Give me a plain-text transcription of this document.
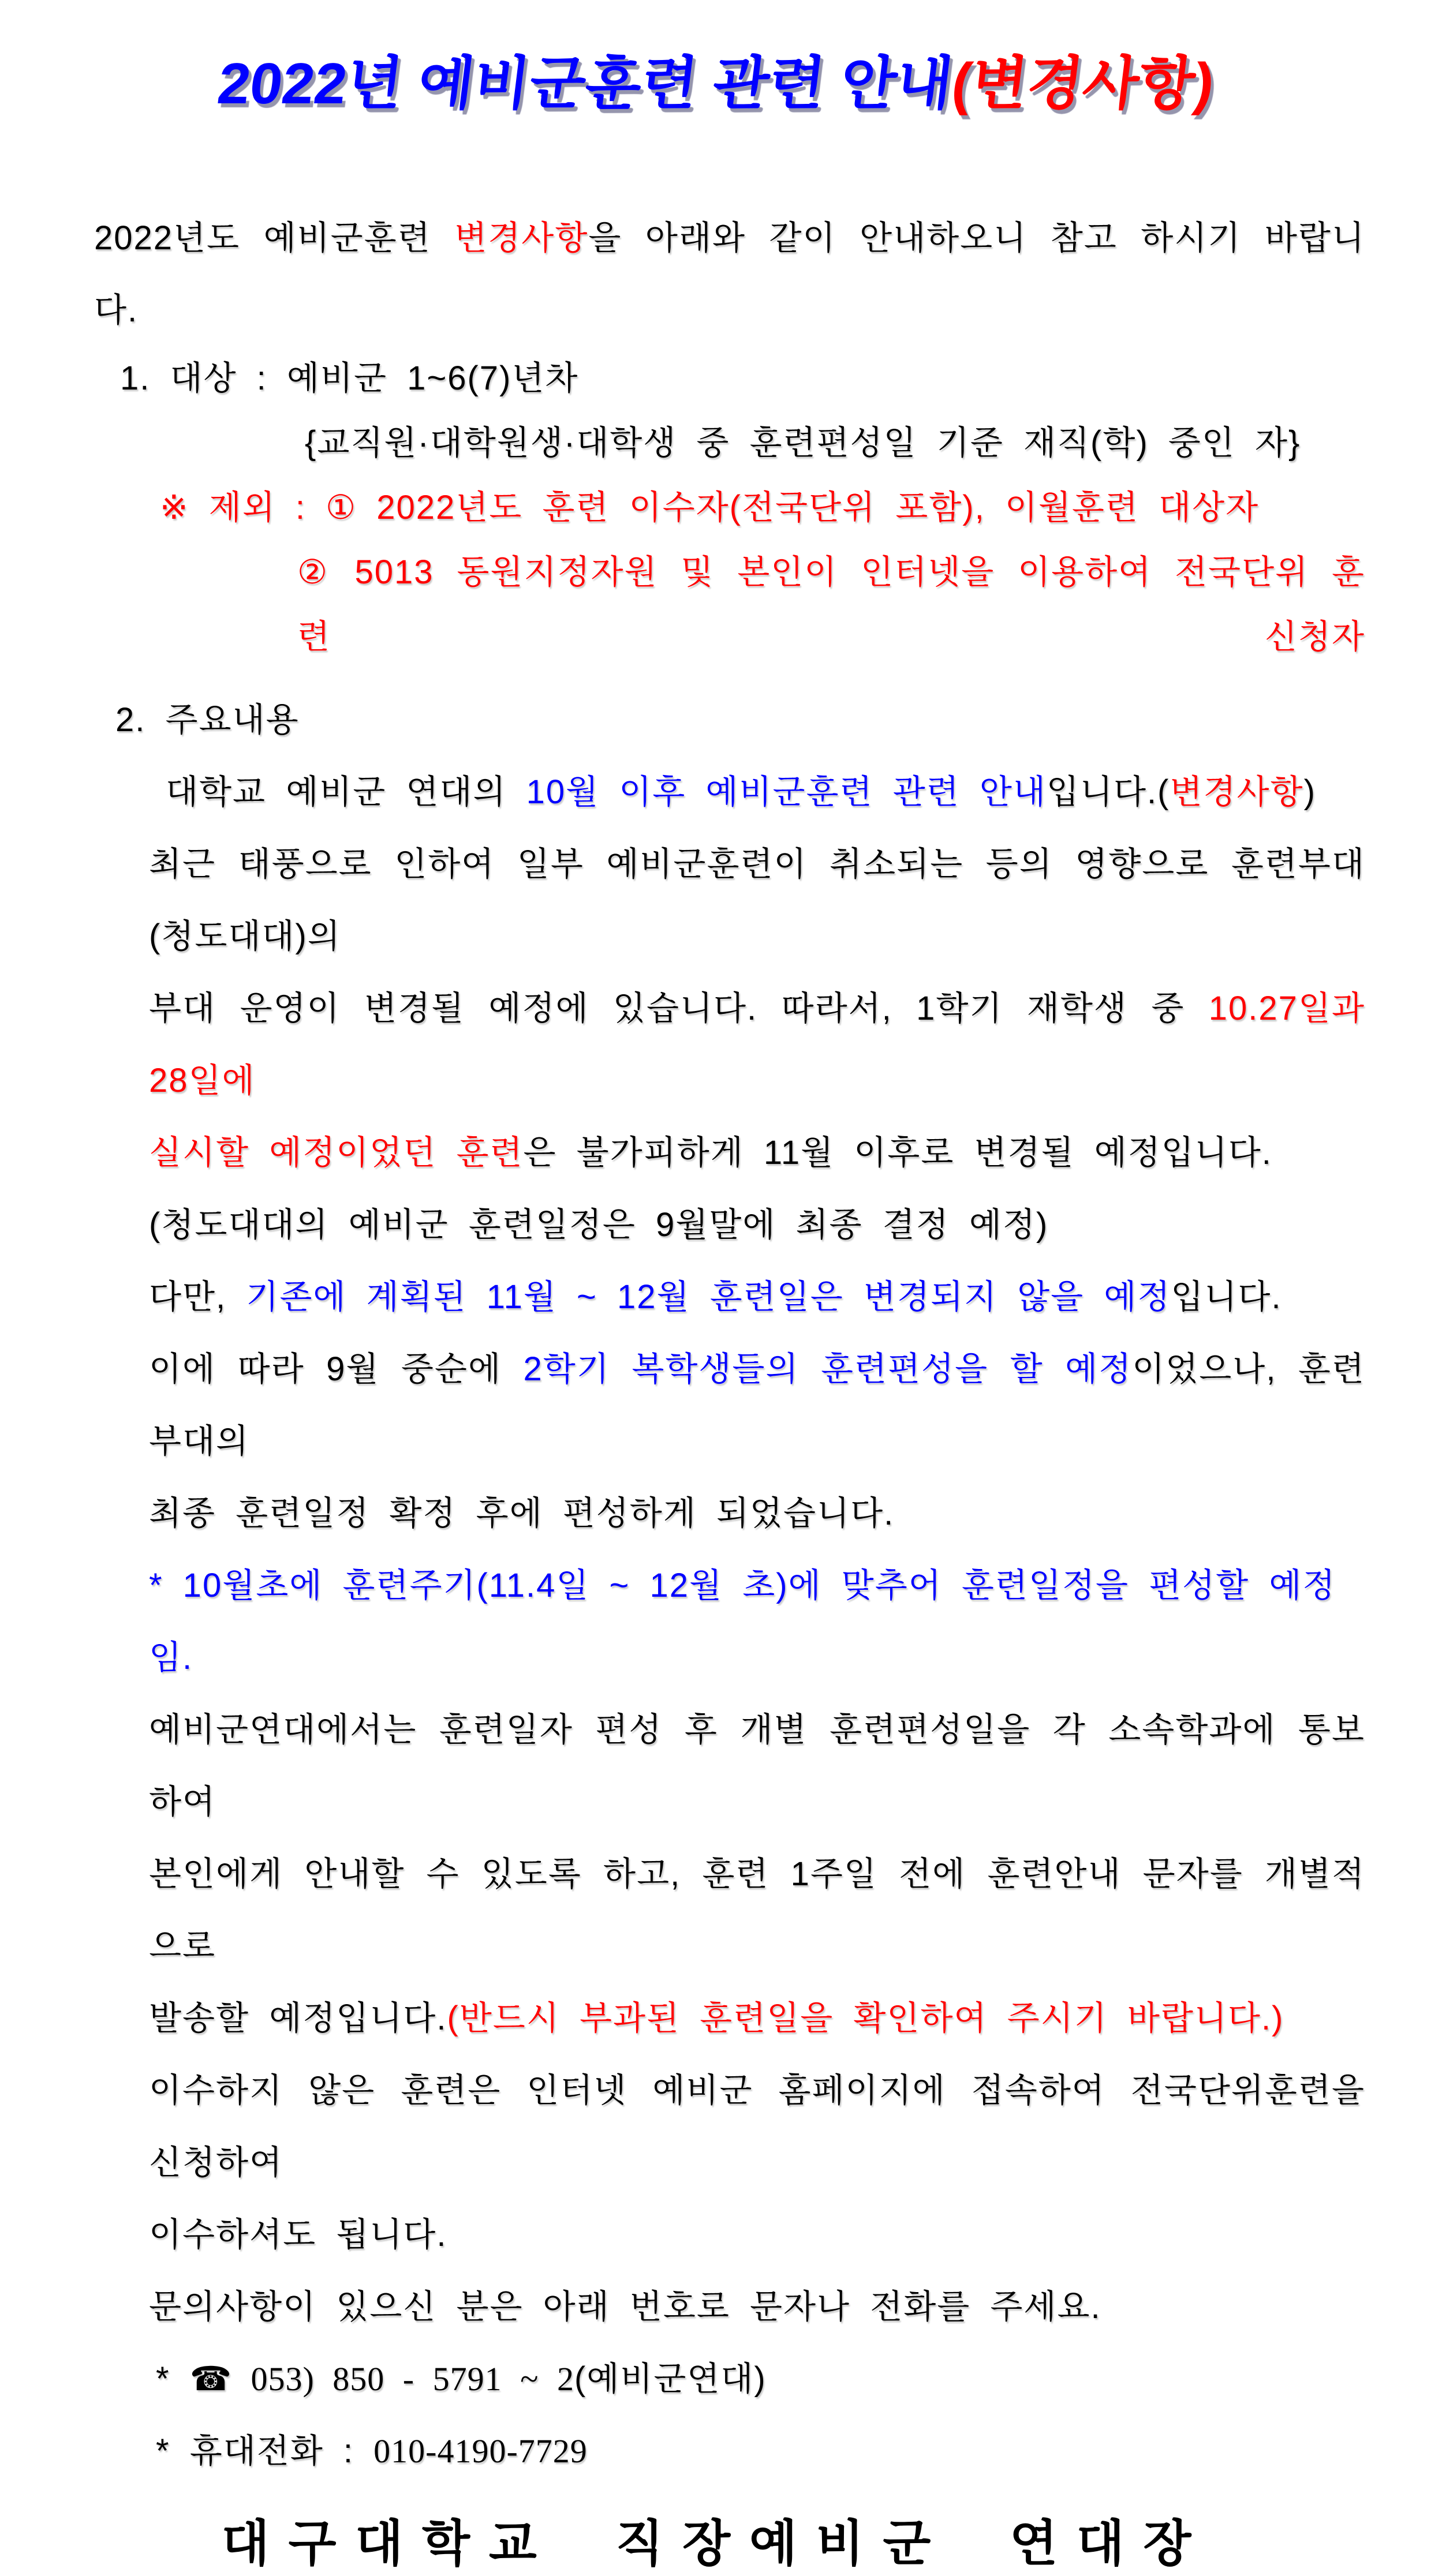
2022년 예비군훈련 관련 안내(변경사항)
2022년도 예비군훈련 변경사항을 아래와 같이 안내하오니 참고 하시기 바랍니다.
1. 대상 : 예비군 1~6(7)년차
{교직원·대학원생·대학생 중 훈련편성일 기준 재직(학) 중인 자}
※ 제외 : ① 2022년도 훈련 이수자(전국단위 포함), 이월훈련 대상자
② 5013 동원지정자원 및 본인이 인터넷을 이용하여 전국단위 훈련 신청자
2. 주요내용
대학교 예비군 연대의 10월 이후 예비군훈련 관련 안내입니다.(변경사항)
최근 태풍으로 인하여 일부 예비군훈련이 취소되는 등의 영향으로 훈련부대(청도대대)의
부대 운영이 변경될 예정에 있습니다. 따라서, 1학기 재학생 중 10.27일과 28일에
실시할 예정이었던 훈련은 불가피하게 11월 이후로 변경될 예정입니다.
(청도대대의 예비군 훈련일정은 9월말에 최종 결정 예정)
다만, 기존에 계획된 11월 ~ 12월 훈련일은 변경되지 않을 예정입니다.
이에 따라 9월 중순에 2학기 복학생들의 훈련편성을 할 예정이었으나, 훈련부대의
최종 훈련일정 확정 후에 편성하게 되었습니다.
* 10월초에 훈련주기(11.4일 ~ 12월 초)에 맞추어 훈련일정을 편성할 예정임.
예비군연대에서는 훈련일자 편성 후 개별 훈련편성일을 각 소속학과에 통보하여
본인에게 안내할 수 있도록 하고, 훈련 1주일 전에 훈련안내 문자를 개별적으로
발송할 예정입니다.(반드시 부과된 훈련일을 확인하여 주시기 바랍니다.)
이수하지 않은 훈련은 인터넷 예비군 홈페이지에 접속하여 전국단위훈련을 신청하여
이수하셔도 됩니다.
문의사항이 있으신 분은 아래 번호로 문자나 전화를 주세요.
* ☎ 053) 850 - 5791 ~ 2(예비군연대)
* 휴대전화 : 010-4190-7729
대구대학교 직장예비군 연대장
